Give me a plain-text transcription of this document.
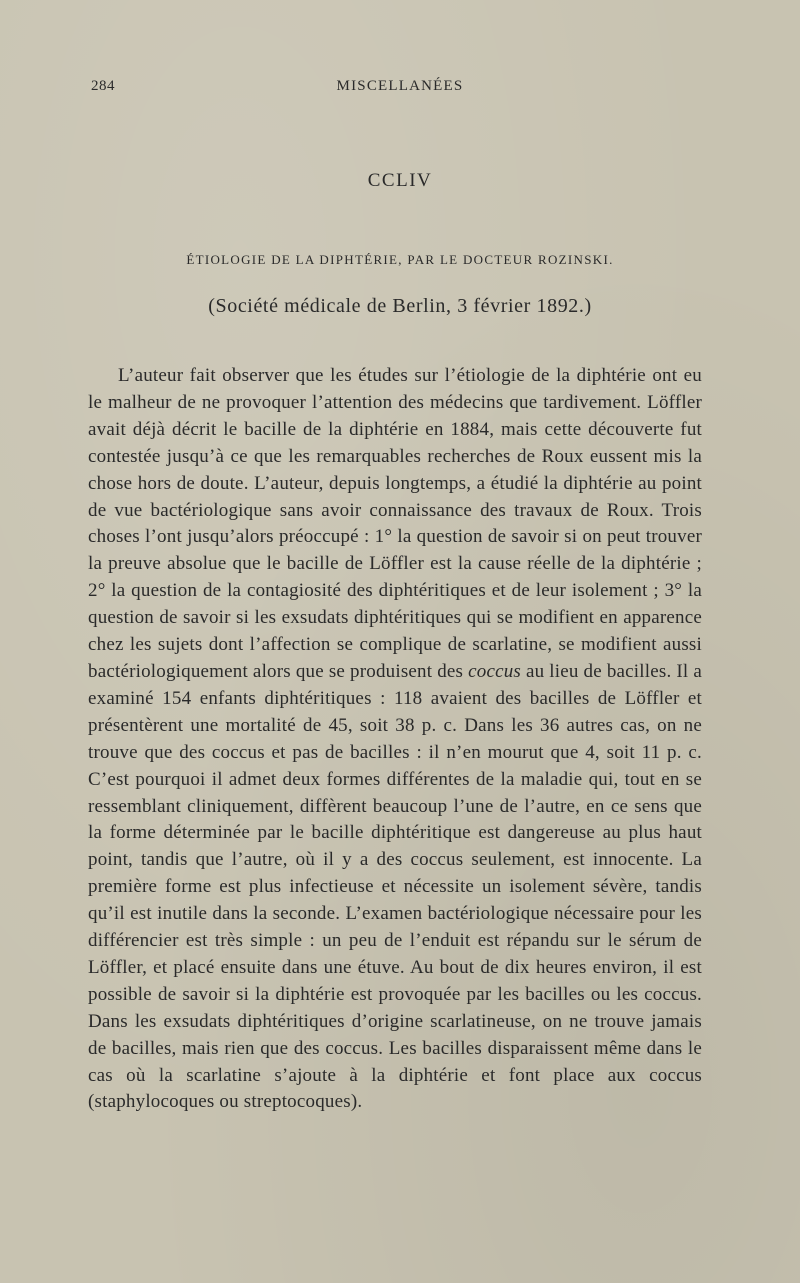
284	MISCELLANÉES
CCLIV
ÉTIOLOGIE DE LA DIPHTÉRIE, PAR LE DOCTEUR ROZINSKI.
(Société médicale de Berlin, 3 février 1892.)

L’auteur fait observer que les études sur l’étiologie de la diphtérie ont eu le malheur de ne provoquer l’attention des médecins que tardivement. Löffler avait déjà décrit le bacille de la diphtérie en 1884, mais cette découverte fut contestée jusqu’à ce que les remarquables recherches de Roux eussent mis la chose hors de doute. L’auteur, depuis longtemps, a étudié la diphtérie au point de vue bactériologique sans avoir connaissance des travaux de Roux. Trois choses l’ont jusqu’alors préoccupé : 1° la question de savoir si on peut trouver la preuve absolue que le bacille de Löffler est la cause réelle de la diphtérie ; 2° la question de la contagiosité des diphtéritiques et de leur isolement ; 3° la question de savoir si les exsudats diphtéritiques qui se modifient en apparence chez les sujets dont l’affection se complique de scarlatine, se modifient aussi bactériologiquement alors que se produisent des coccus au lieu de bacilles. Il a examiné 154 enfants diphtéritiques : 118 avaient des bacilles de Löffler et présentèrent une mortalité de 45, soit 38 p. c. Dans les 36 autres cas, on ne trouve que des coccus et pas de bacilles : il n’en mourut que 4, soit 11 p. c. C’est pourquoi il admet deux formes différentes de la maladie qui, tout en se ressemblant cliniquement, diffèrent beaucoup l’une de l’autre, en ce sens que la forme déterminée par le bacille diphtéritique est dangereuse au plus haut point, tandis que l’autre, où il y a des coccus seulement, est innocente. La première forme est plus infectieuse et nécessite un isolement sévère, tandis qu’il est inutile dans la seconde. L’examen bactériologique nécessaire pour les différencier est très simple : un peu de l’enduit est répandu sur le sérum de Löffler, et placé ensuite dans une étuve. Au bout de dix heures environ, il est possible de savoir si la diphtérie est provoquée par les bacilles ou les coccus. Dans les exsudats diphtéritiques d’origine scarlatineuse, on ne trouve jamais de bacilles, mais rien que des coccus. Les bacilles disparaissent même dans le cas où la scarlatine s’ajoute à la diphtérie et font place aux coccus (staphylocoques ou streptocoques).
